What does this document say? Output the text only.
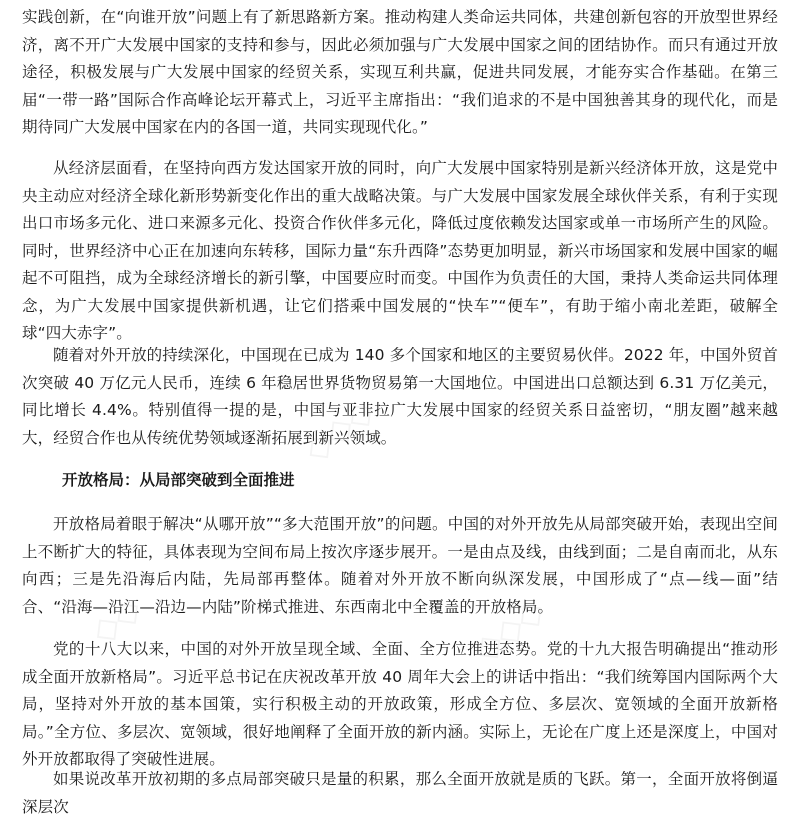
实践创新，在“向谁开放”问题上有了新思路新方案。推动构建人类命运共同体，共建创新包容的开放型世界经济，离不开广大发展中国家的支持和参与，因此必须加强与广大发展中国家之间的团结协作。而只有通过开放途径，积极发展与广大发展中国家的经贸关系，实现互利共赢，促进共同发展，才能夯实合作基础。在第三届“一带一路”国际合作高峰论坛开幕式上，习近平主席指出：“我们追求的不是中国独善其身的现代化，而是期待同广大发展中国家在内的各国一道，共同实现现代化。”

从经济层面看，在坚持向西方发达国家开放的同时，向广大发展中国家特别是新兴经济体开放，这是党中央主动应对经济全球化新形势新变化作出的重大战略决策。与广大发展中国家发展全球伙伴关系，有利于实现出口市场多元化、进口来源多元化、投资合作伙伴多元化，降低过度依赖发达国家或单一市场所产生的风险。同时，世界经济中心正在加速向东转移，国际力量“东升西降”态势更加明显，新兴市场国家和发展中国家的崛起不可阻挡，成为全球经济增长的新引擎，中国要应时而变。中国作为负责任的大国，秉持人类命运共同体理念，为广大发展中国家提供新机遇，让它们搭乘中国发展的“快车”“便车”，有助于缩小南北差距，破解全球“四大赤字”。

随着对外开放的持续深化，中国现在已成为 140 多个国家和地区的主要贸易伙伴。2022 年，中国外贸首次突破 40 万亿元人民币，连续 6 年稳居世界货物贸易第一大国地位。中国进出口总额达到 6.31 万亿美元，同比增长 4.4%。特别值得一提的是，中国与亚非拉广大发展中国家的经贸关系日益密切，“朋友圈”越来越大，经贸合作也从传统优势领域逐渐拓展到新兴领域。

开放格局：从局部突破到全面推进

开放格局着眼于解决“从哪开放”“多大范围开放”的问题。中国的对外开放先从局部突破开始，表现出空间上不断扩大的特征，具体表现为空间布局上按次序逐步展开。一是由点及线，由线到面；二是自南而北，从东向西；三是先沿海后内陆，先局部再整体。随着对外开放不断向纵深发展，中国形成了“点—线—面”结合、“沿海—沿江—沿边—内陆”阶梯式推进、东西南北中全覆盖的开放格局。

党的十八大以来，中国的对外开放呈现全域、全面、全方位推进态势。党的十九大报告明确提出“推动形成全面开放新格局”。习近平总书记在庆祝改革开放 40 周年大会上的讲话中指出：“我们统筹国内国际两个大局，坚持对外开放的基本国策，实行积极主动的开放政策，形成全方位、多层次、宽领域的全面开放新格局。”全方位、多层次、宽领域，很好地阐释了全面开放的新内涵。实际上，无论在广度上还是深度上，中国对外开放都取得了突破性进展。

如果说改革开放初期的多点局部突破只是量的积累，那么全面开放就是质的飞跃。第一，全面开放将倒逼深层次

◇◇◇
◇◇	◇◇◇
